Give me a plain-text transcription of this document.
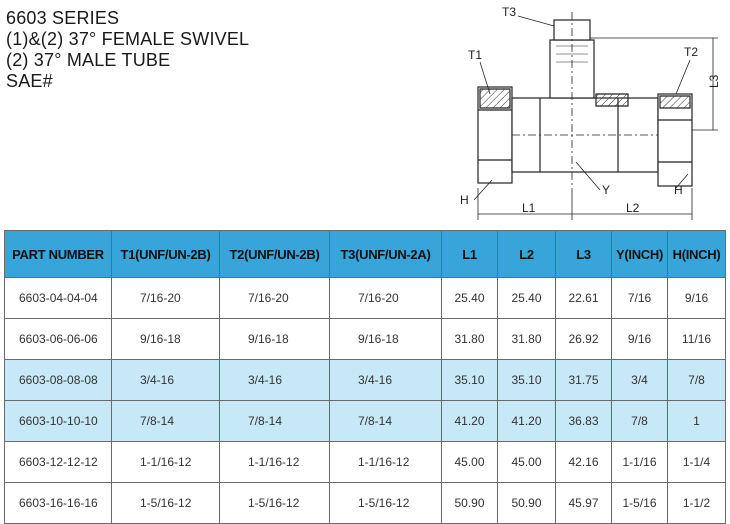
6603 SERIES
(1)&(2) 37° FEMALE SWIVEL
(2) 37° MALE TUBE
SAE#
T3
T1	T2
L3
Y
H
H
L1	L2
PART NUMBER	T1(UNF/UN-2B)	T2(UNF/UN-2B)	T3(UNF/UN-2A)	L1	L2	L3	Y(INCH)	H(INCH)
6603-04-04-04	7/16-20	7/16-20	7/16-20	25.40	25.40	22.61	7/16	9/16
6603-06-06-06	9/16-18	9/16-18	9/16-18	31.80	31.80	26.92	9/16	11/16
6603-08-08-08	3/4-16	3/4-16	3/4-16	35.10	35.10	31.75	3/4	7/8
6603-10-10-10	7/8-14	7/8-14	7/8-14	41.20	41.20	36.83	7/8	1
6603-12-12-12	1-1/16-12	1-1/16-12	1-1/16-12	45.00	45.00	42.16	1-1/16	1-1/4
6603-16-16-16	1-5/16-12	1-5/16-12	1-5/16-12	50.90	50.90	45.97	1-5/16	1-1/2
